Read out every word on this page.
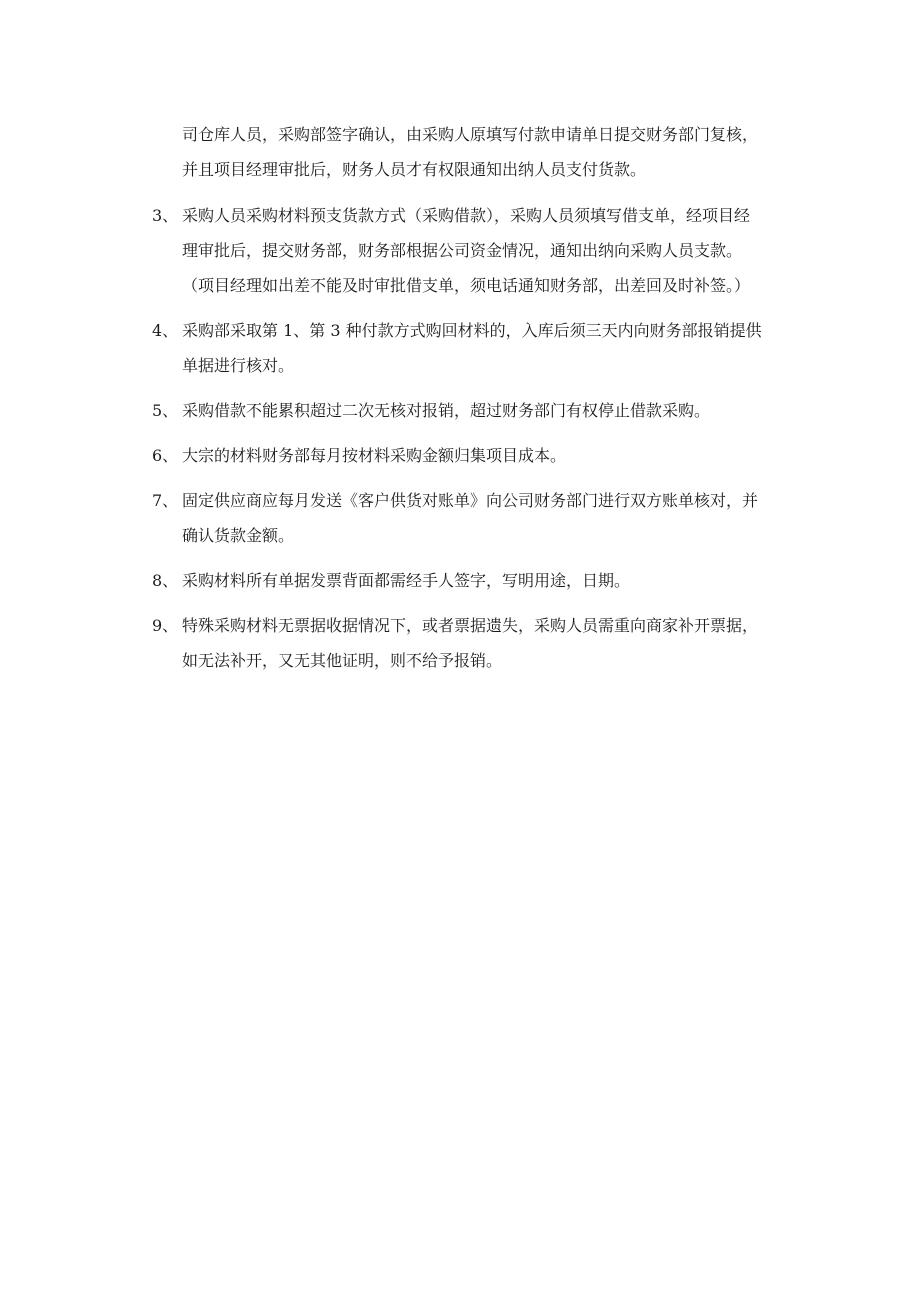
司仓库人员，采购部签字确认，由采购人原填写付款申请单日提交财务部门复核，
并且项目经理审批后，财务人员才有权限通知出纳人员支付货款。
3、 采购人员采购材料预支货款方式（采购借款），采购人员须填写借支单，经项目经
理审批后，提交财务部，财务部根据公司资金情况，通知出纳向采购人员支款。
（项目经理如出差不能及时审批借支单，须电话通知财务部，出差回及时补签。）
4、 采购部采取第 1、第 3 种付款方式购回材料的，入库后须三天内向财务部报销提供
单据进行核对。
5、 采购借款不能累积超过二次无核对报销，超过财务部门有权停止借款采购。
6、 大宗的材料财务部每月按材料采购金额归集项目成本。
7、 固定供应商应每月发送《客户供货对账单》向公司财务部门进行双方账单核对，并
确认货款金额。
8、 采购材料所有单据发票背面都需经手人签字，写明用途，日期。
9、 特殊采购材料无票据收据情况下，或者票据遗失，采购人员需重向商家补开票据，
如无法补开，又无其他证明，则不给予报销。
